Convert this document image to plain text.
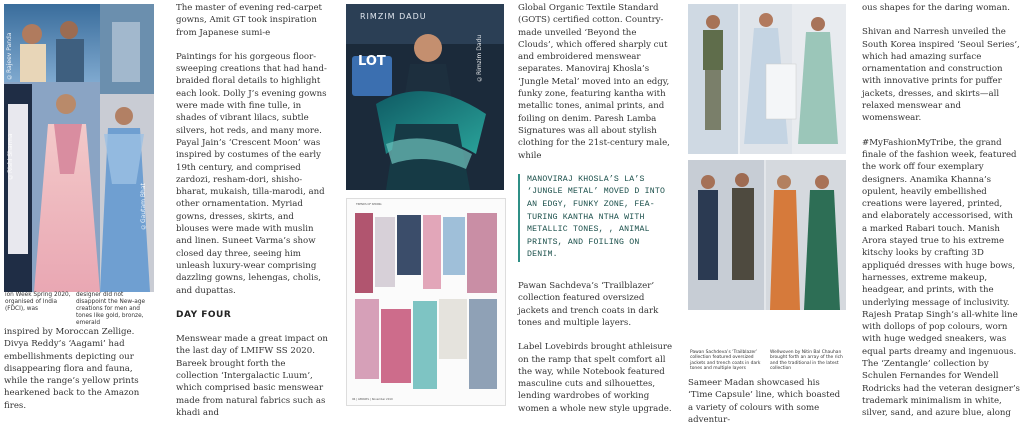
©Rajeev Panda
©Rishi Sharma
©Gautam Bhat
ion Week Spring 2020, organised of India (FDCI), was
designer did not disappoint the New-age creations for men and tones like gold, bronze, emerald

inspired by Moroccan Zellige. Divya Reddy’s ‘Aagami’ had embellishments depicting our disappearing flora and fauna, while the range’s yellow prints hearkened back to the Amazon fires.

The master of evening red-carpet gowns, Amit GT took inspiration from Japanese sumi-e

Paintings for his gorgeous floor-sweeping creations that had hand-braided floral details to highlight each look. Dolly J’s evening gowns were made with fine tulle, in shades of vibrant lilacs, subtle silvers, hot reds, and many more. Payal Jain’s ‘Crescent Moon’ was inspired by costumes of the early 19th century, and comprised zardozi, resham-dori, shisho-bharat, mukaish, tilla-marodi, and other ornamentation. Myriad gowns, dresses, skirts, and blouses were made with muslin and linen. Suneet Varma’s show closed day three, seeing him unleash luxury-wear comprising dazzling gowns, lehengas, cholis, and dupattas.

DAY FOUR

Menswear made a great impact on the last day of LMIFW SS 2020. Bareek brought forth the collection ‘Intergalactic Luum’, which comprised basic menswear made from natural fabrics such as khadi and

RIMZIM DADU
LOT	©Rimzim Dadu
TRENDS OF SPRING
96 | APPAREL | November 2019

Global Organic Textile Standard (GOTS) certified cotton. Country-made unveiled ‘Beyond the Clouds’, which offered sharply cut and embroidered menswear separates. Manoviraj Khosla’s ‘Jungle Metal’ moved into an edgy, funky zone, featuring kantha with metallic tones, animal prints, and foiling on denim. Paresh Lamba Signatures was all about stylish clothing for the 21st-century male, while

MANOVIRAJ KHOSLA’S LA’S ‘JUNGLE METAL’ MOVED D INTO AN EDGY, FUNKY ZONE, FEA-TURING KANTHA NTHA WITH METALLIC TONES, , ANIMAL PRINTS, AND FOILING ON DENIM.

Pawan Sachdeva’s ‘Trailblazer’ collection featured oversized jackets and trench coats in dark tones and multiple layers.

Label Lovebirds brought athleisure on the ramp that spelt comfort all the way, while Notebook featured masculine cuts and silhouettes, lending wardrobes of working women a whole new style upgrade.

Pawan Sachdeva’s ‘Trailblazer’ collection featured oversized jackets and trench coats in dark tones and multiple layers
Wellwoven by Nitin Bal Chauhan brought forth an array of the rich and the traditional in the latest collection

Sameer Madan showcased his ‘Time Capsule’ line, which boasted a variety of colours with some adventur-

ous shapes for the daring woman.

Shivan and Narresh unveiled the South Korea inspired ‘Seoul Series’, which had amazing surface ornamentation and construction with innovative prints for puffer jackets, dresses, and skirts—all relaxed menswear and womenswear.

#MyFashionMyTribe, the grand finale of the fashion week, featured the work off four exemplary designers. Anamika Khanna’s opulent, heavily embellished creations were layered, printed, and elaborately accessorised, with a marked Rabari touch. Manish Arora stayed true to his extreme kitschy looks by crafting 3D appliquéd dresses with huge bows, harnesses, extreme makeup, headgear, and prints, with the underlying message of inclusivity. Rajesh Pratap Singh’s all-white line with dollops of pop colours, worn with huge wedged sneakers, was equal parts dreamy and ingenuous. The ‘Zentangle’ collection by Schulen Fernandes for Wendell Rodricks had the veteran designer’s trademark minimalism in white, silver, sand, and azure blue, along
